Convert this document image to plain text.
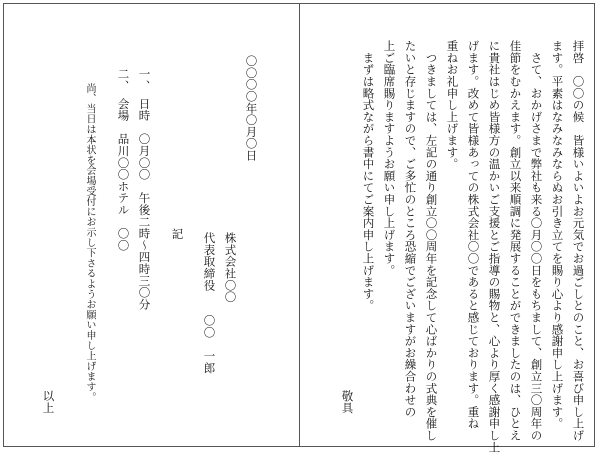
拝啓　〇〇の候　皆様いよいよお元気でお過ごしとのこと、お喜び申し上げ
ます。平素はなみなみならぬお引き立てを賜り心より感謝申し上げます。
　さて、おかげさまで弊社も来る〇月〇〇日をもちまして、創立三〇周年の
佳節をむかえます。創立以来順調に発展することができましたのは、ひとえ
に貴社はじめ皆様方の温かいご支援とご指導の賜物と、心より厚く感謝申し上
げます。改めて皆様あっての株式会社〇〇であると感じております。重ね
重ねお礼申し上げます。
　つきましては、左記の通り創立〇〇周年を記念して心ばかりの式典を催し
たいと存じますので、ご多忙のところ恐縮でございますがお繰合わせの
上ご臨席賜りますようお願い申し上げます。
　まずは略式ながら書中にてご案内申し上げます。
敬具
〇〇〇〇年〇月〇日
株式会社〇〇
代表取締役　　〇〇　一郎
記
一、　日時　〇月〇〇　午後二時～四時三〇分
二、　会場　品川〇〇ホテル　〇〇
尚、当日は本状を会場受付にお示し下さるようお願い申し上げます。
以上
